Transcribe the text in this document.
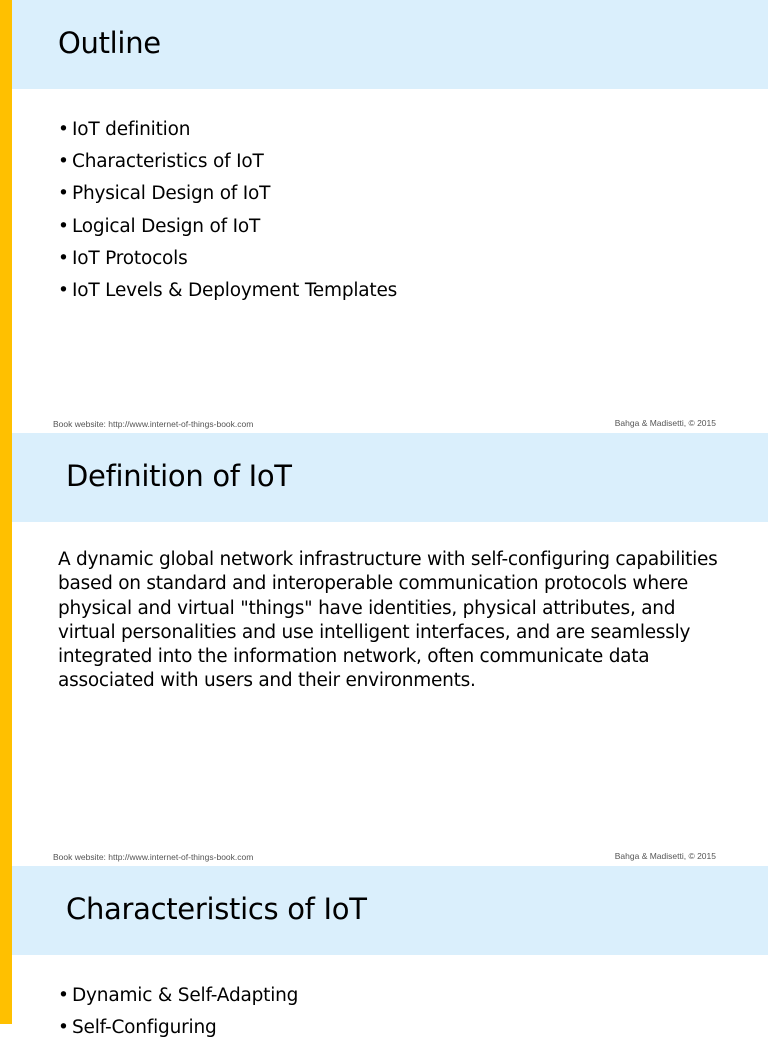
Outline
• IoT definition
• Characteristics of IoT
• Physical Design of IoT
• Logical Design of IoT
• IoT Protocols
• IoT Levels & Deployment Templates
Book website: http://www.internet-of-things-book.com	Bahga & Madisetti, © 2015
Definition of IoT

A dynamic global network infrastructure with self-configuring capabilities based on standard and interoperable communication protocols where physical and virtual "things" have identities, physical attributes, and virtual personalities and use intelligent interfaces, and are seamlessly integrated into the information network, often communicate data associated with users and their environments.

Book website: http://www.internet-of-things-book.com	Bahga & Madisetti, © 2015
Characteristics of IoT
• Dynamic & Self-Adapting
• Self-Configuring
